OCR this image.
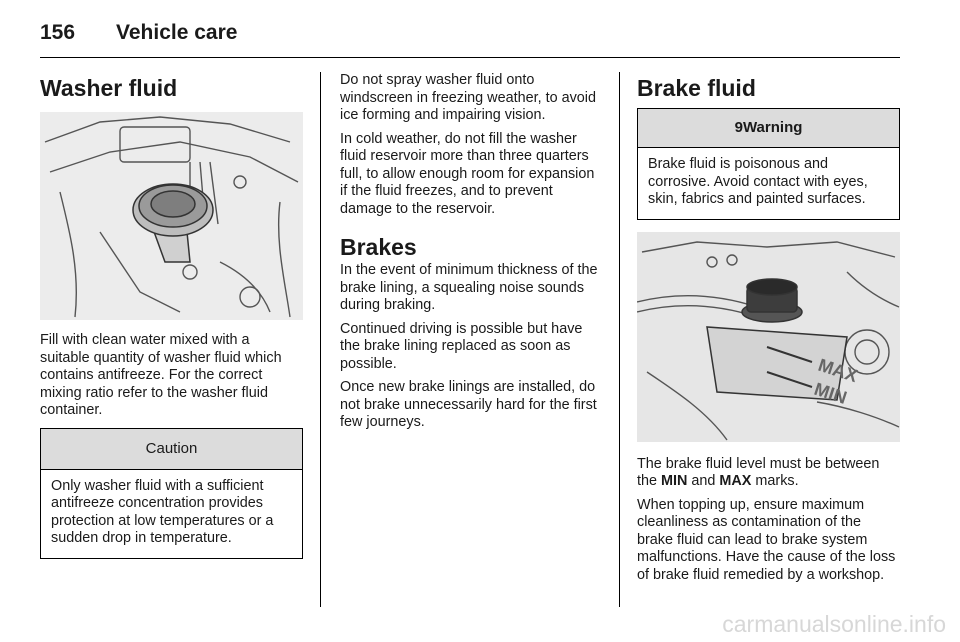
156	Vehicle care
Washer fluid

Fill with clean water mixed with a suitable quantity of washer fluid which contains antifreeze. For the correct mixing ratio refer to the washer fluid container.

Caution

Only washer fluid with a sufficient antifreeze concentration provides protection at low temperatures or a sudden drop in temperature.

Do not spray washer fluid onto windscreen in freezing weather, to avoid ice forming and impairing vision.

In cold weather, do not fill the washer fluid reservoir more than three quarters full, to allow enough room for expansion if the fluid freezes, and to prevent damage to the reservoir.

Brakes

In the event of minimum thickness of the brake lining, a squealing noise sounds during braking.

Continued driving is possible but have the brake lining replaced as soon as possible.

Once new brake linings are installed, do not brake unnecessarily hard for the first few journeys.

Brake fluid
9Warning

Brake fluid is poisonous and corrosive. Avoid contact with eyes, skin, fabrics and painted surfaces.

MAX
MIN

The brake fluid level must be between the MIN and MAX marks.

When topping up, ensure maximum cleanliness as contamination of the brake fluid can lead to brake system malfunctions. Have the cause of the loss of brake fluid remedied by a workshop.

carmanualsonline.info
